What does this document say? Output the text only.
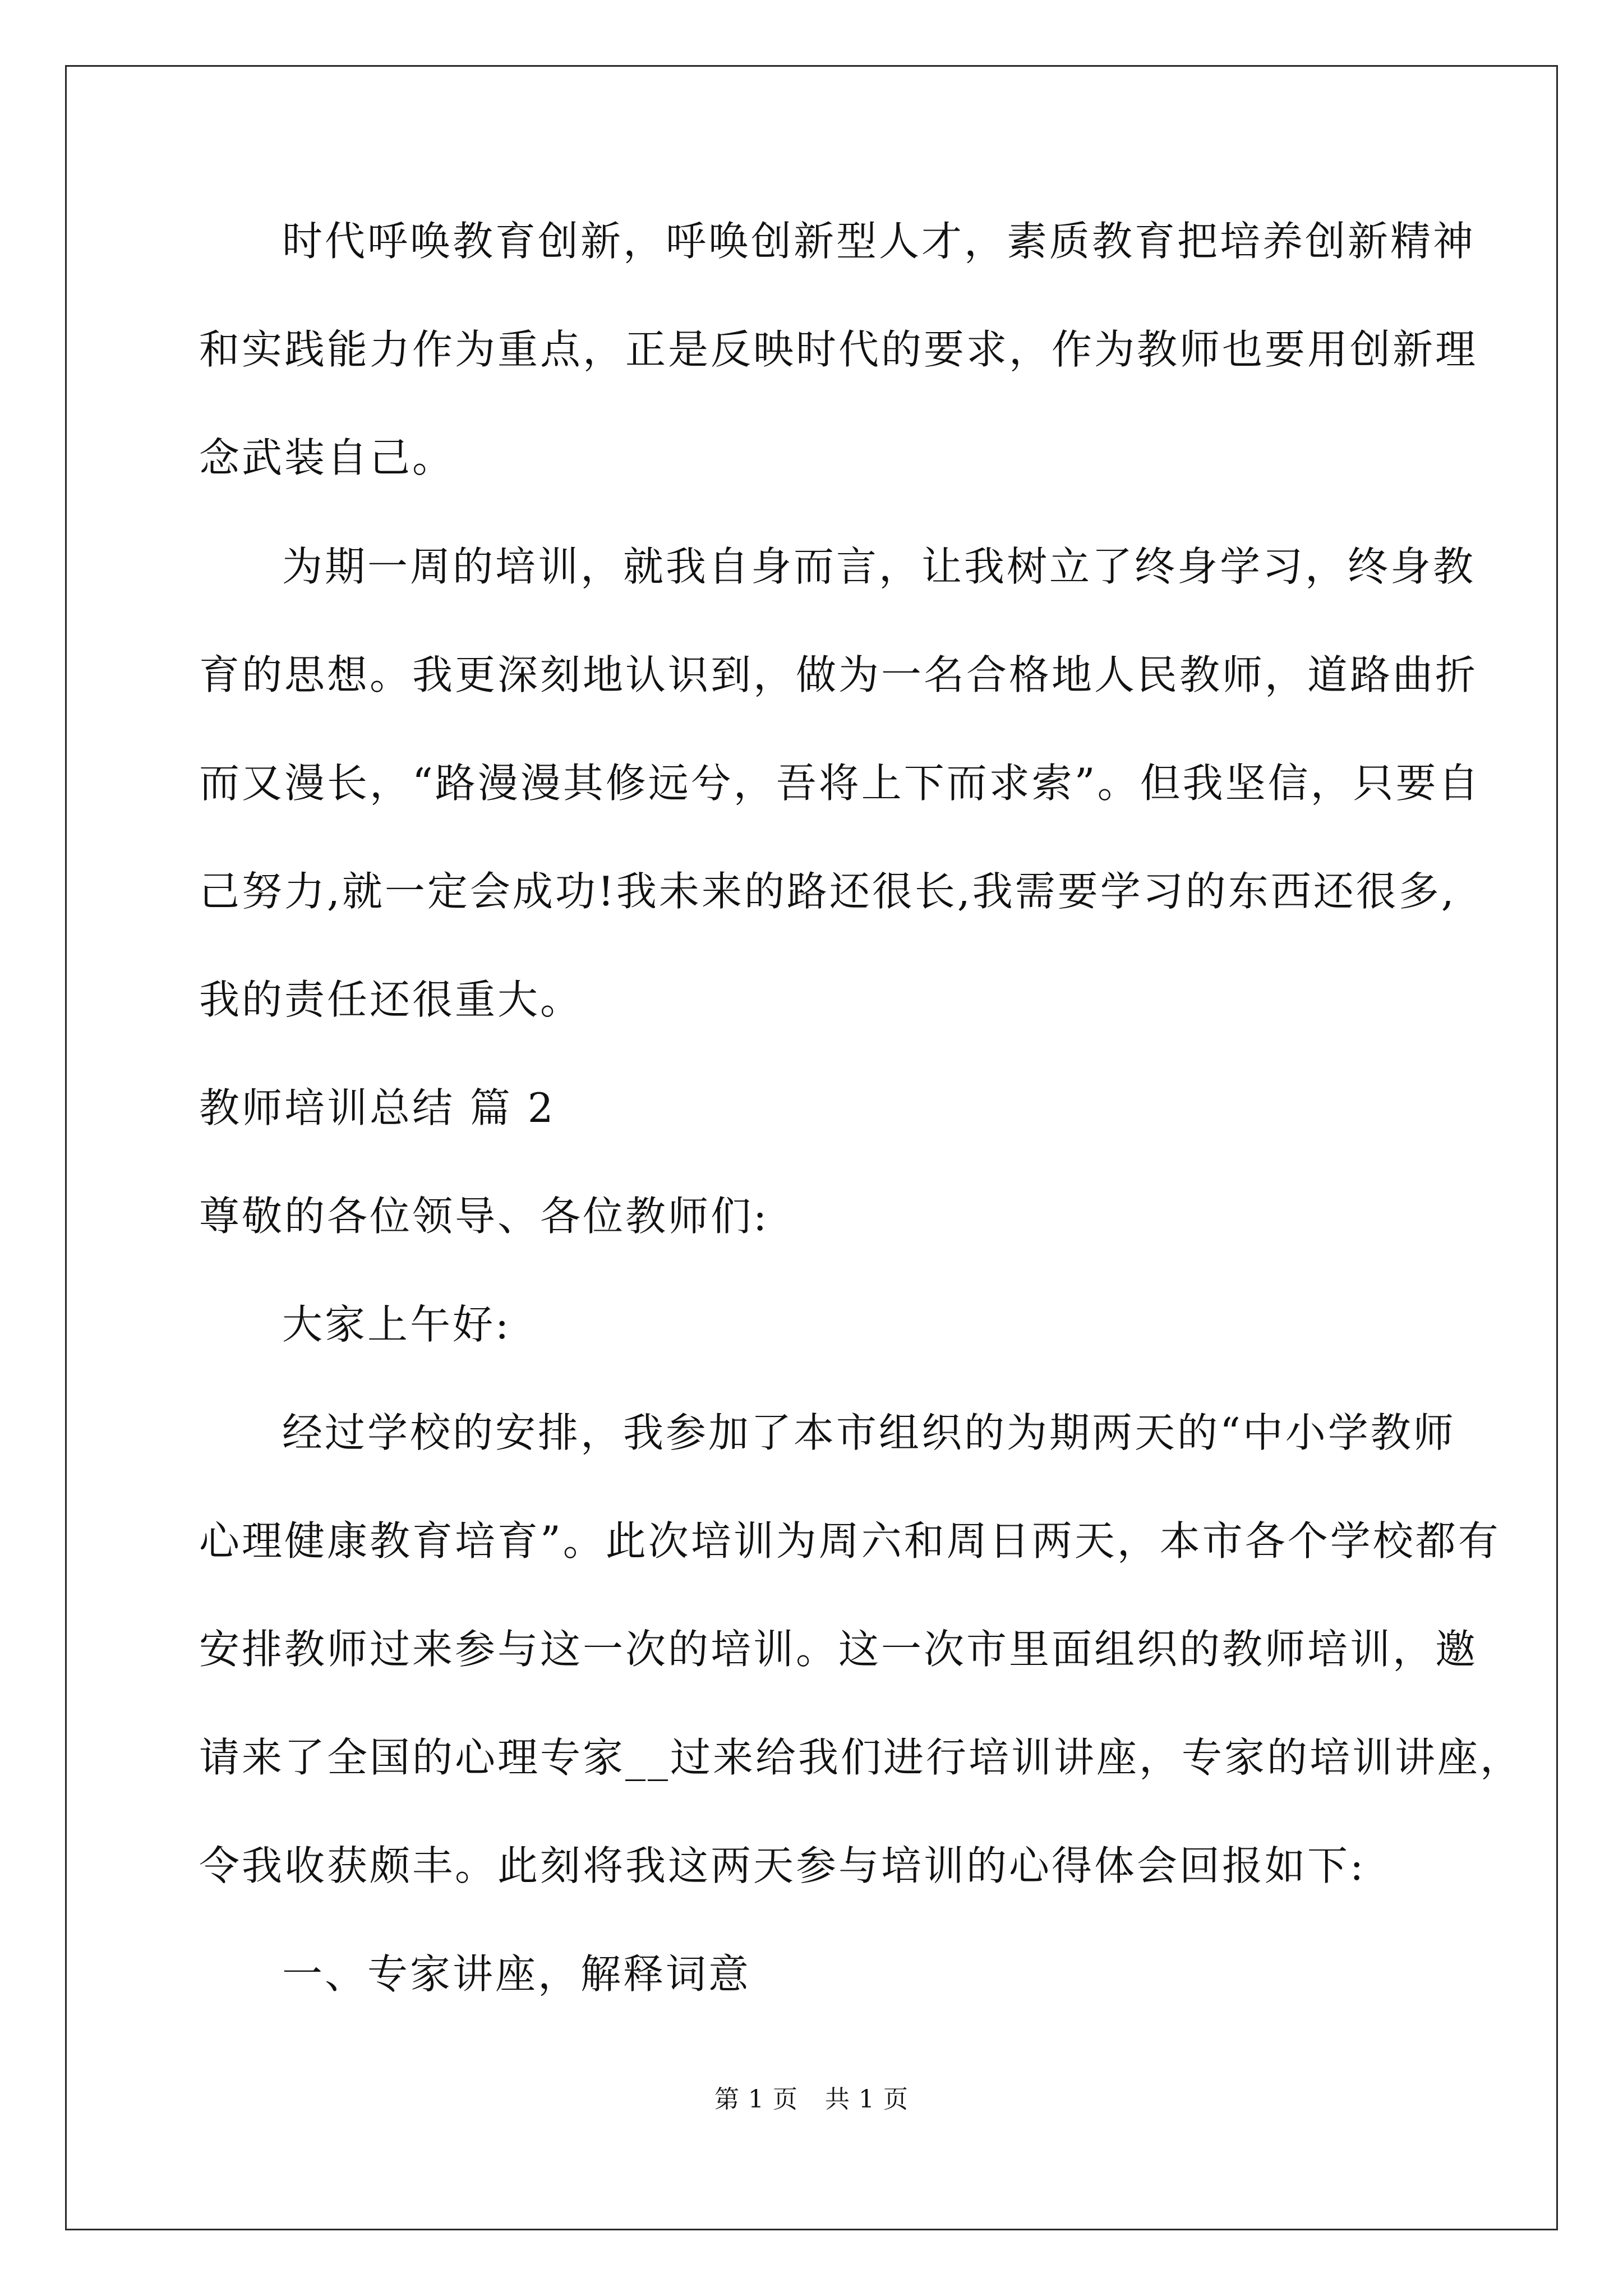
时代呼唤教育创新，呼唤创新型人才，素质教育把培养创新精神
和实践能力作为重点，正是反映时代的要求，作为教师也要用创新理
念武装自己。
为期一周的培训，就我自身而言，让我树立了终身学习，终身教
育的思想。我更深刻地认识到，做为一名合格地人民教师，道路曲折
而又漫长，“路漫漫其修远兮，吾将上下而求索”。但我坚信，只要自
己努力,就一定会成功!我未来的路还很长,我需要学习的东西还很多,
我的责任还很重大。
教师培训总结 篇 2
尊敬的各位领导、各位教师们:
大家上午好:
经过学校的安排，我参加了本市组织的为期两天的“中小学教师
心理健康教育培育”。此次培训为周六和周日两天，本市各个学校都有
安排教师过来参与这一次的培训。这一次市里面组织的教师培训，邀
请来了全国的心理专家__过来给我们进行培训讲座，专家的培训讲座，
令我收获颇丰。此刻将我这两天参与培训的心得体会回报如下:
一、专家讲座，解释词意
第 1 页 共 1 页
